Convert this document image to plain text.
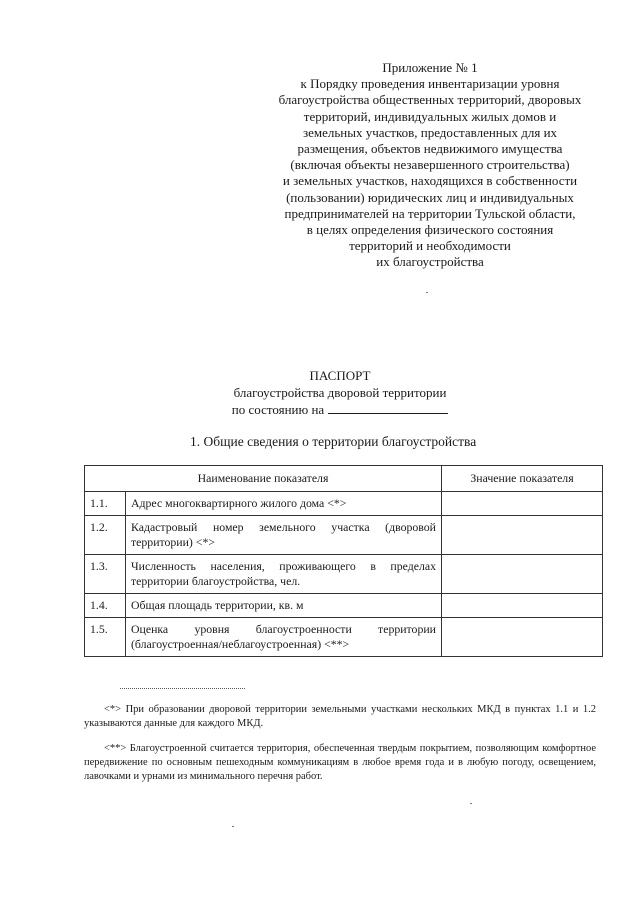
Приложение № 1
к Порядку проведения инвентаризации уровня
благоустройства общественных территорий, дворовых
территорий, индивидуальных жилых домов и
земельных участков, предоставленных для их
размещения, объектов недвижимого имущества
(включая объекты незавершенного строительства)
и земельных участков, находящихся в собственности
(пользовании) юридических лиц и индивидуальных
предпринимателей на территории Тульской области,
в целях определения физического состояния
территорий и необходимости
их благоустройства
ПАСПОРТ
благоустройства дворовой территории
по состоянию на
1. Общие сведения о территории благоустройства
Наименование показателя		Значение показателя
1.1.	Адрес многоквартирного жилого дома <*>	
1.2.	Кадастровый номер земельного участка (дворовой территории) <*>	
1.3.	Численность населения, проживающего в пределах территории благоустройства, чел.	
1.4.	Общая площадь территории, кв. м	
1.5.	Оценка уровня благоустроенности территории (благоустроенная/неблагоустроенная) <**>	

<*> При образовании дворовой территории земельными участками нескольких МКД в пунктах 1.1 и 1.2 указываются данные для каждого МКД.

<**> Благоустроенной считается территория, обеспеченная твердым покрытием, позволяющим комфортное передвижение по основным пешеходным коммуникациям в любое время года и в любую погоду, освещением, лавочками и урнами из минимального перечня работ.
